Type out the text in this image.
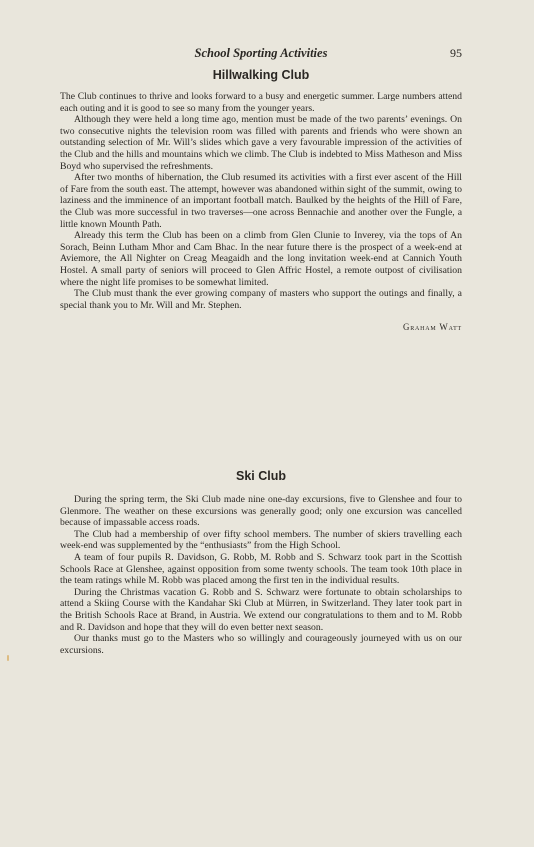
School Sporting Activities	95
Hillwalking Club

The Club continues to thrive and looks forward to a busy and energetic summer. Large numbers attend each outing and it is good to see so many from the younger years.

Although they were held a long time ago, mention must be made of the two parents’ evenings. On two consecutive nights the television room was filled with parents and friends who were shown an outstanding selection of Mr. Will’s slides which gave a very favourable impression of the activities of the Club and the hills and mountains which we climb. The Club is indebted to Miss Matheson and Miss Boyd who supervised the refreshments.

After two months of hibernation, the Club resumed its activities with a first ever ascent of the Hill of Fare from the south east. The attempt, however was abandoned within sight of the summit, owing to laziness and the imminence of an important football match. Baulked by the heights of the Hill of Fare, the Club was more successful in two traverses—one across Bennachie and another over the Fungle, a little known Mounth Path.

Already this term the Club has been on a climb from Glen Clunie to Inverey, via the tops of An Sorach, Beinn Lutham Mhor and Cam Bhac. In the near future there is the prospect of a week-end at Aviemore, the All Nighter on Creag Meagaidh and the long invitation week-end at Cannich Youth Hostel. A small party of seniors will proceed to Glen Affric Hostel, a remote outpost of civilisation where the night life promises to be somewhat limited.

The Club must thank the ever growing company of masters who support the outings and finally, a special thank you to Mr. Will and Mr. Stephen.

Graham Watt
Ski Club

During the spring term, the Ski Club made nine one-day excursions, five to Glenshee and four to Glenmore. The weather on these excursions was generally good; only one excursion was cancelled because of impassable access roads.

The Club had a membership of over fifty school members. The number of skiers travelling each week-end was supplemented by the “enthusiasts” from the High School.

A team of four pupils R. Davidson, G. Robb, M. Robb and S. Schwarz took part in the Scottish Schools Race at Glenshee, against opposition from some twenty schools. The team took 10th place in the team ratings while M. Robb was placed among the first ten in the individual results.

During the Christmas vacation G. Robb and S. Schwarz were fortunate to obtain scholarships to attend a Skiing Course with the Kandahar Ski Club at Mürren, in Switzerland. They later took part in the British Schools Race at Brand, in Austria. We extend our congratulations to them and to M. Robb and R. Davidson and hope that they will do even better next season.

Our thanks must go to the Masters who so willingly and courageously journeyed with us on our excursions.
